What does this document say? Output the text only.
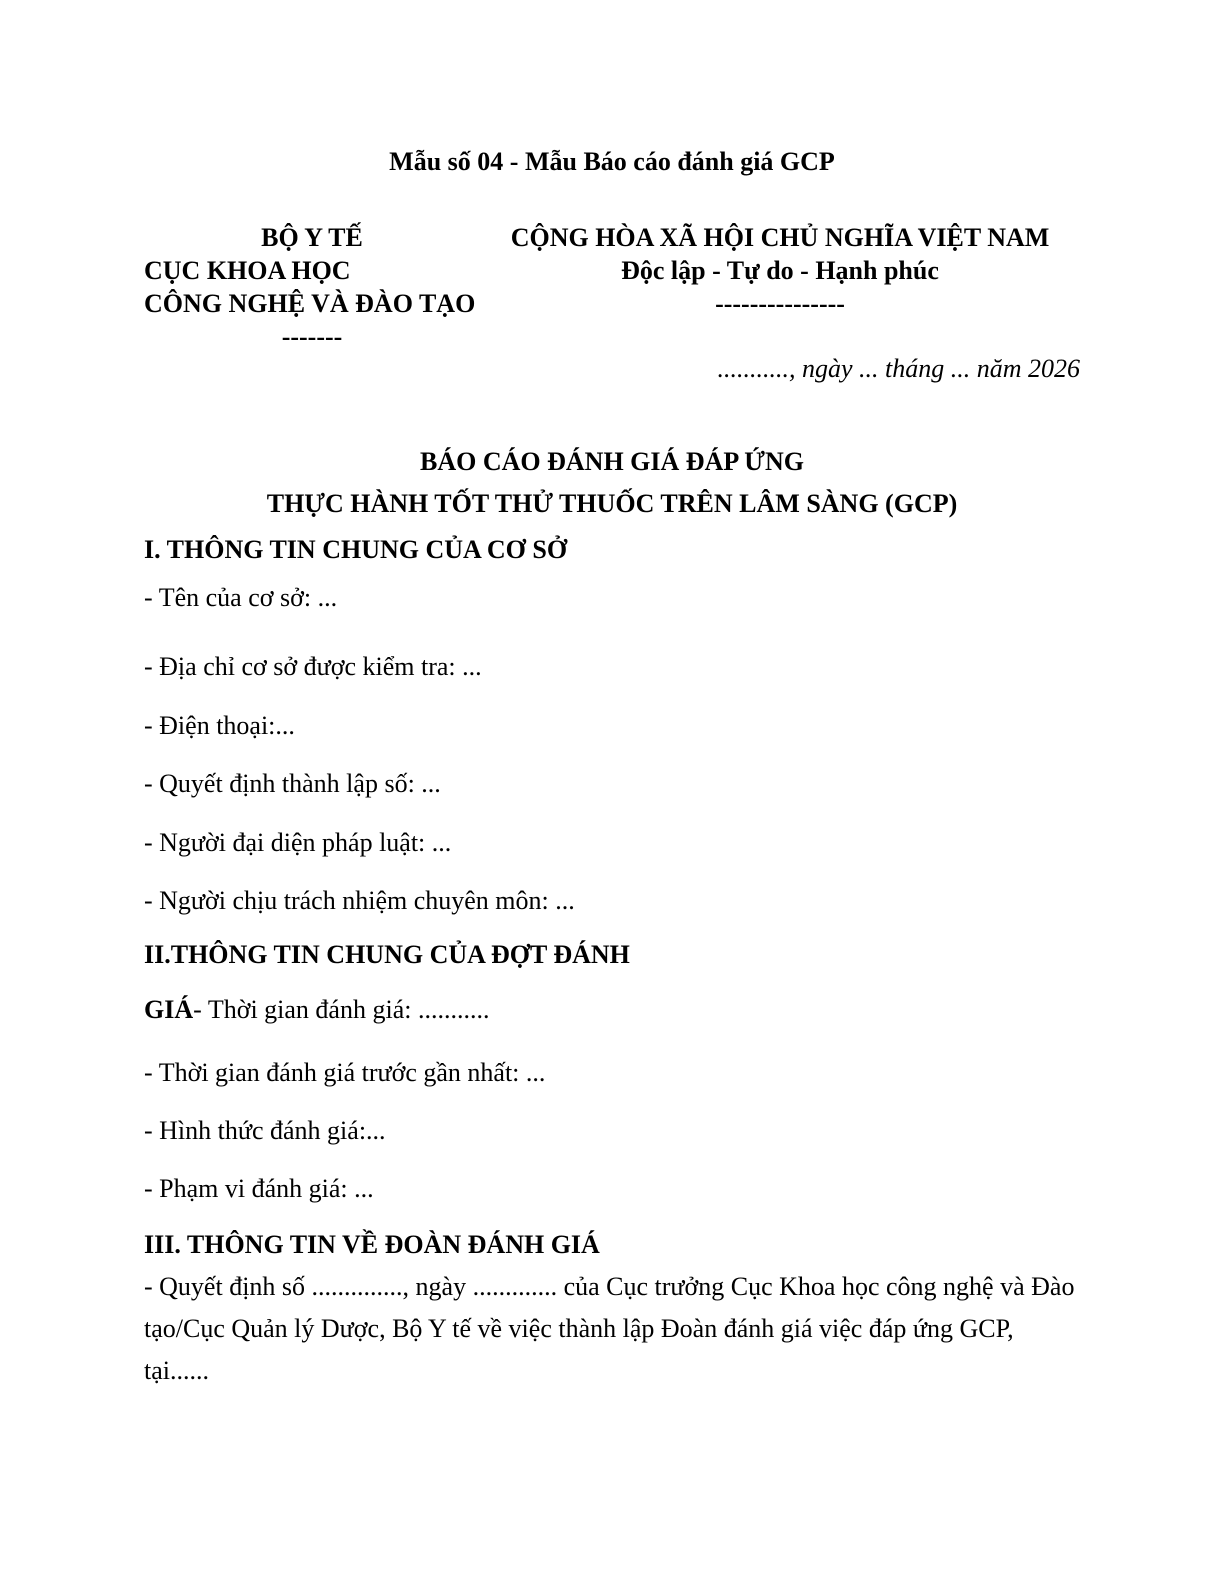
Mẫu số 04 - Mẫu Báo cáo đánh giá GCP
BỘ Y TẾ
CỤC KHOA HỌC
CÔNG NGHỆ VÀ ĐÀO TẠO
-------
CỘNG HÒA XÃ HỘI CHỦ NGHĨA VIỆT NAM
Độc lập - Tự do - Hạnh phúc
---------------
..........., ngày ... tháng ... năm 2026
BÁO CÁO ĐÁNH GIÁ ĐÁP ỨNG
THỰC HÀNH TỐT THỬ THUỐC TRÊN LÂM SÀNG (GCP)
I. THÔNG TIN CHUNG CỦA CƠ SỞ
- Tên của cơ sở: ...
- Địa chỉ cơ sở được kiểm tra: ...
- Điện thoại:...
- Quyết định thành lập số: ...
- Người đại diện pháp luật: ...
- Người chịu trách nhiệm chuyên môn: ...
II.THÔNG TIN CHUNG CỦA ĐỢT ĐÁNH
GIÁ- Thời gian đánh giá: ...........
- Thời gian đánh giá trước gần nhất: ...
- Hình thức đánh giá:...
- Phạm vi đánh giá: ...
III. THÔNG TIN VỀ ĐOÀN ĐÁNH GIÁ
- Quyết định số .............., ngày ............. của Cục trưởng Cục Khoa học công nghệ và Đào tạo/Cục Quản lý Dược, Bộ Y tế về việc thành lập Đoàn đánh giá việc đáp ứng GCP, tại......
